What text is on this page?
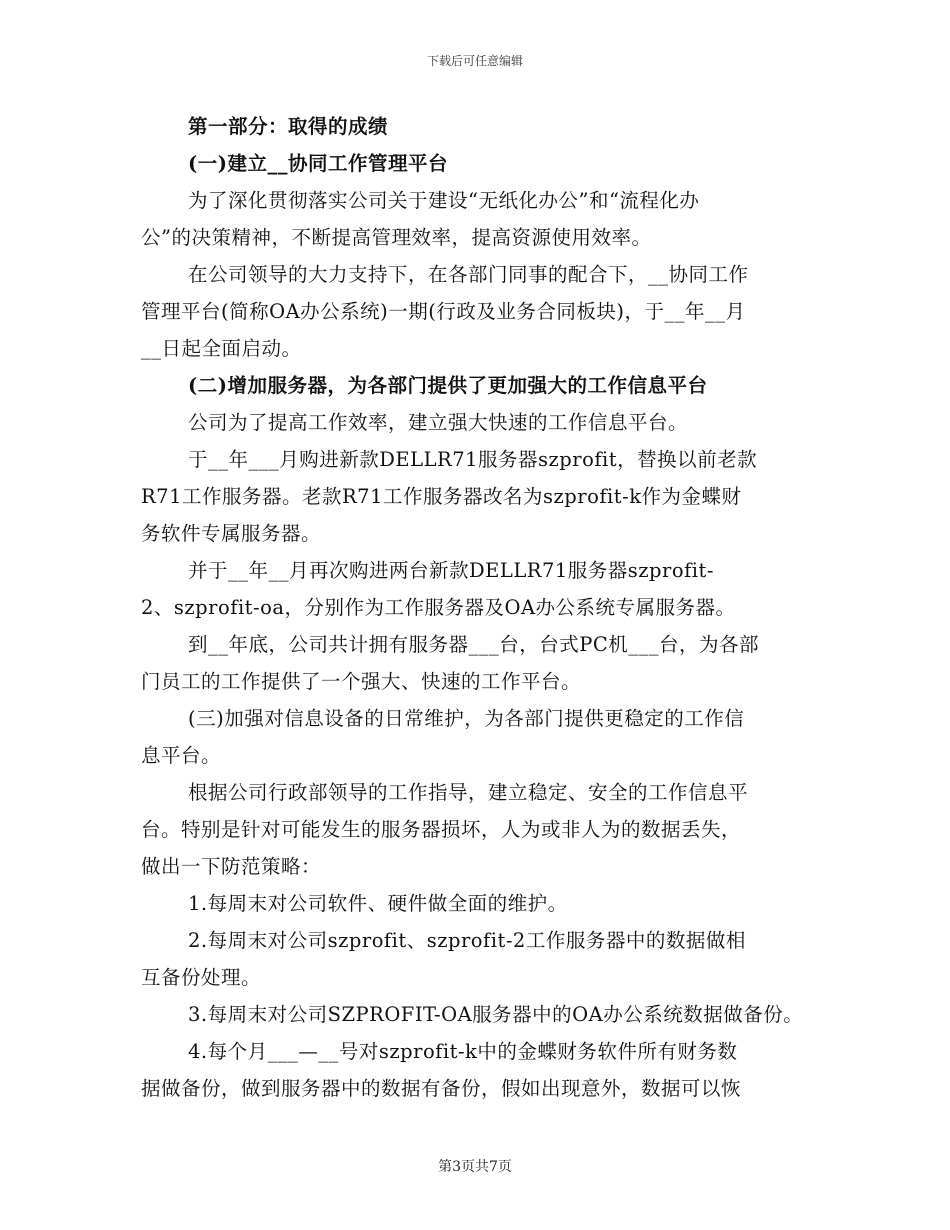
下载后可任意编辑
第一部分：取得的成绩
(一)建立__协同工作管理平台
为了深化贯彻落实公司关于建设“无纸化办公”和“流程化办
公”的决策精神，不断提高管理效率，提高资源使用效率。
在公司领导的大力支持下，在各部门同事的配合下，__协同工作
管理平台(简称OA办公系统)一期(行政及业务合同板块)，于__年__月
__日起全面启动。
(二)增加服务器，为各部门提供了更加强大的工作信息平台
公司为了提高工作效率，建立强大快速的工作信息平台。
于__年___月购进新款DELLR71服务器szprofit，替换以前老款
R71工作服务器。老款R71工作服务器改名为szprofit-k作为金蝶财
务软件专属服务器。
并于__年__月再次购进两台新款DELLR71服务器szprofit-
2、szprofit-oa，分别作为工作服务器及OA办公系统专属服务器。
到__年底，公司共计拥有服务器___台，台式PC机___台，为各部
门员工的工作提供了一个强大、快速的工作平台。
(三)加强对信息设备的日常维护，为各部门提供更稳定的工作信
息平台。
根据公司行政部领导的工作指导，建立稳定、安全的工作信息平
台。特别是针对可能发生的服务器损坏，人为或非人为的数据丢失，
做出一下防范策略：
1.每周末对公司软件、硬件做全面的维护。
2.每周末对公司szprofit、szprofit-2工作服务器中的数据做相
互备份处理。
3.每周末对公司SZPROFIT-OA服务器中的OA办公系统数据做备份。
4.每个月___—__号对szprofit-k中的金蝶财务软件所有财务数
据做备份，做到服务器中的数据有备份，假如出现意外，数据可以恢
第3页共7页
